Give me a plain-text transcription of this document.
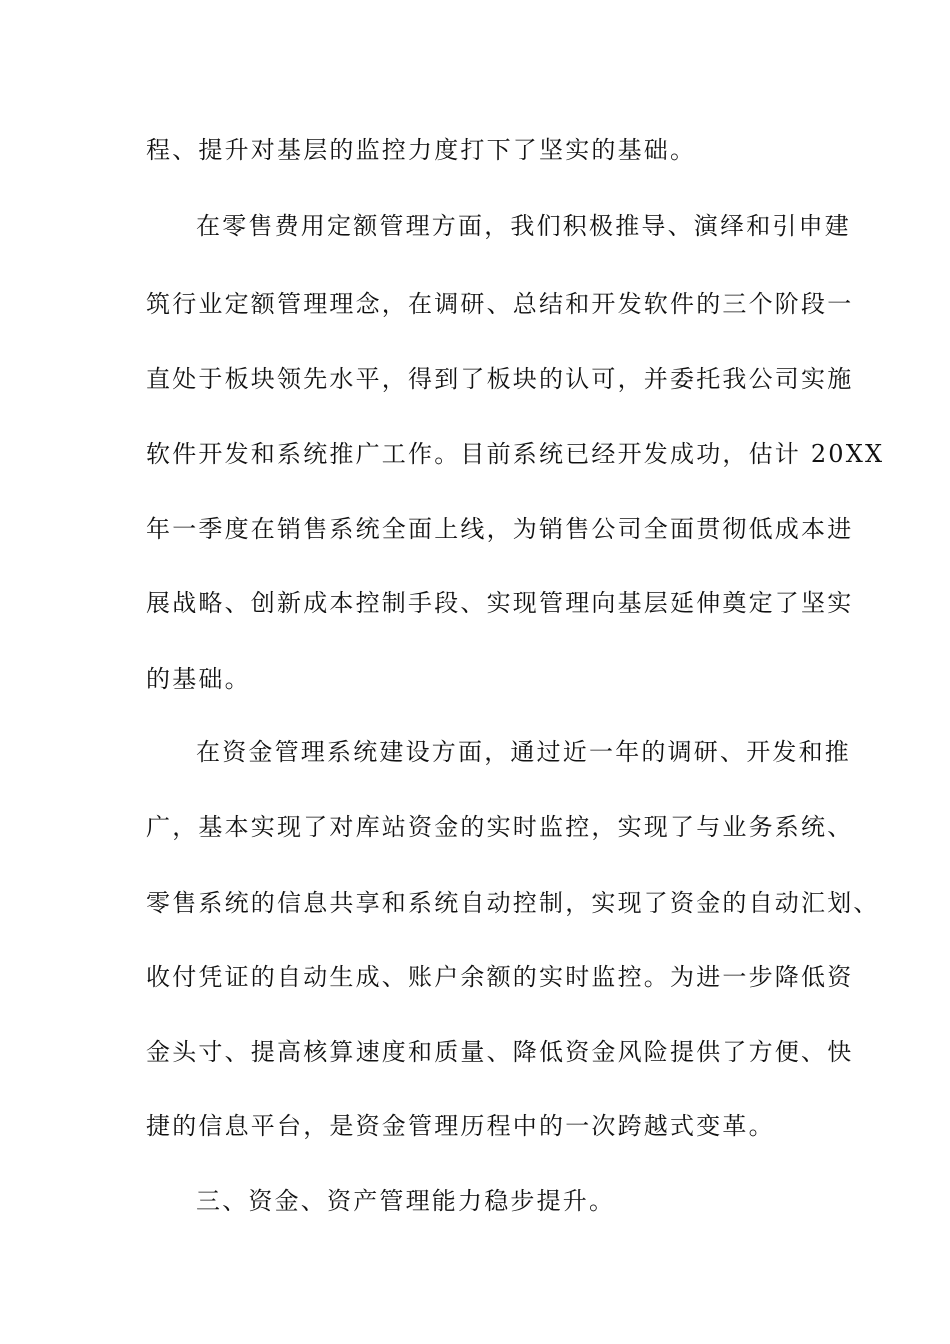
程、提升对基层的监控力度打下了坚实的基础。
在零售费用定额管理方面，我们积极推导、演绎和引申建
筑行业定额管理理念，在调研、总结和开发软件的三个阶段一
直处于板块领先水平，得到了板块的认可，并委托我公司实施
软件开发和系统推广工作。目前系统已经开发成功，估计 20XX
年一季度在销售系统全面上线，为销售公司全面贯彻低成本进
展战略、创新成本控制手段、实现管理向基层延伸奠定了坚实
的基础。
在资金管理系统建设方面，通过近一年的调研、开发和推
广，基本实现了对库站资金的实时监控，实现了与业务系统、
零售系统的信息共享和系统自动控制，实现了资金的自动汇划、
收付凭证的自动生成、账户余额的实时监控。为进一步降低资
金头寸、提高核算速度和质量、降低资金风险提供了方便、快
捷的信息平台，是资金管理历程中的一次跨越式变革。
三、资金、资产管理能力稳步提升。
